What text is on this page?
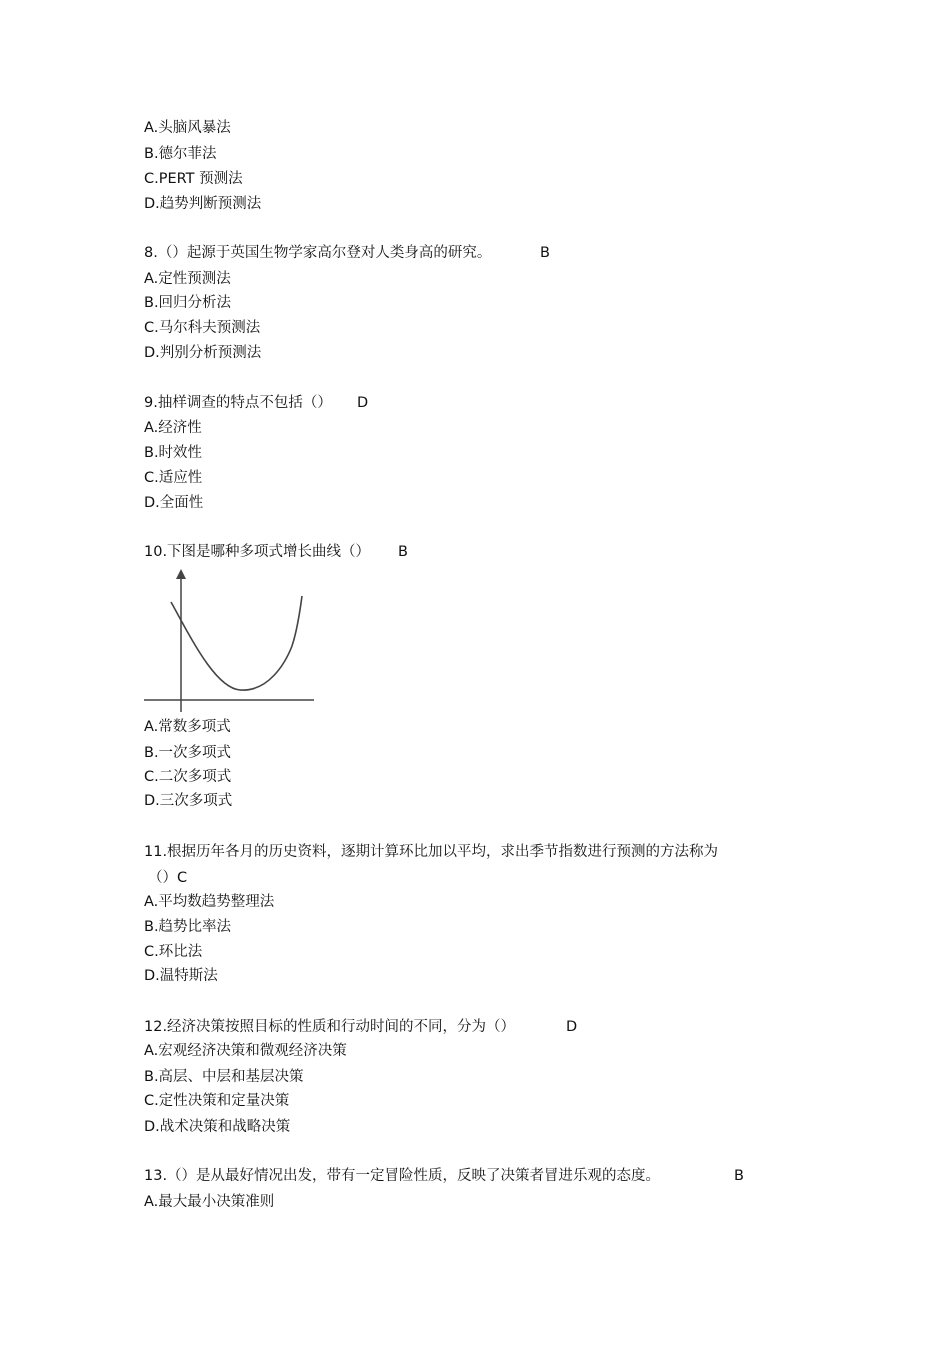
A.头脑风暴法
B.德尔菲法
C.PERT 预测法
D.趋势判断预测法
8.（）起源于英国生物学家高尔登对人类身高的研究。	B
A.定性预测法
B.回归分析法
C.马尔科夫预测法
D.判别分析预测法
9.抽样调查的特点不包括（） D
A.经济性
B.时效性
C.适应性
D.全面性
10.下图是哪种多项式增长曲线（） B
A.常数多项式
B.一次多项式
C.二次多项式
D.三次多项式
11.根据历年各月的历史资料，逐期计算环比加以平均，求出季节指数进行预测的方法称为
（） C
A.平均数趋势整理法
B.趋势比率法
C.环比法
D.温特斯法
12.经济决策按照目标的性质和行动时间的不同，分为（）	D
A.宏观经济决策和微观经济决策
B.高层、中层和基层决策
C.定性决策和定量决策
D.战术决策和战略决策
13.（）是从最好情况出发，带有一定冒险性质，反映了决策者冒进乐观的态度。	B
A.最大最小决策准则
